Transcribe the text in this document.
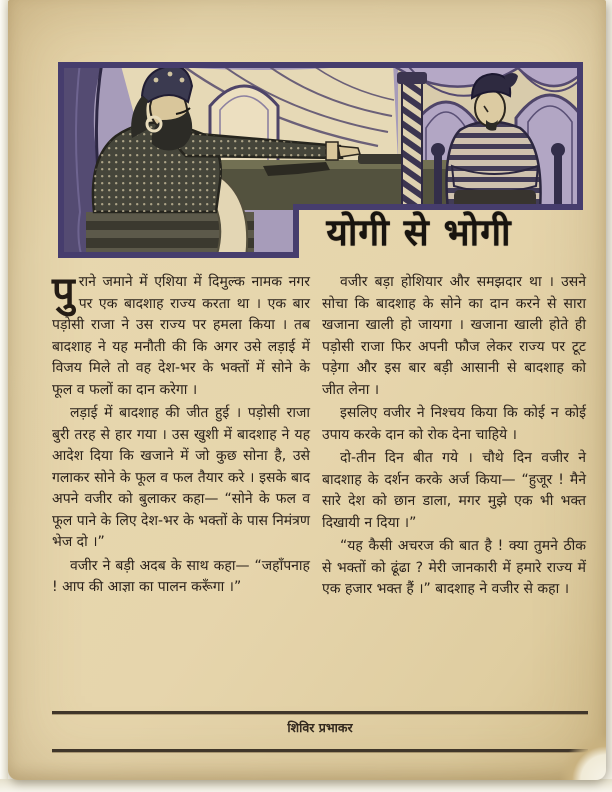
योगी से भोगी

पुराने जमाने में एशिया में दिमुल्क नामक नगर पर एक बादशाह राज्य करता था । एक बार पड़ोसी राजा ने उस राज्य पर हमला किया । तब बादशाह ने यह मनौती की कि अगर उसे लड़ाई में विजय मिले तो वह देश-भर के भक्तों में सोने के फूल व फलों का दान करेगा ।

लड़ाई में बादशाह की जीत हुई । पड़ोसी राजा बुरी तरह से हार गया । उस खुशी में बादशाह ने यह आदेश दिया कि खजाने में जो कुछ सोना है, उसे गलाकर सोने के फूल व फल तैयार करे । इसके बाद अपने वजीर को बुलाकर कहा— “सोने के फल व फूल पाने के लिए देश-भर के भक्तों के पास निमंत्रण भेज दो ।”

वजीर ने बड़ी अदब के साथ कहा— “जहाँपनाह ! आप की आज्ञा का पालन करूँगा ।”

वजीर बड़ा होशियार और समझदार था । उसने सोचा कि बादशाह के सोने का दान करने से सारा खजाना खाली हो जायगा । खजाना खाली होते ही पड़ोसी राजा फिर अपनी फौज लेकर राज्य पर टूट पड़ेगा और इस बार बड़ी आसानी से बादशाह को जीत लेना ।

इसलिए वजीर ने निश्चय किया कि कोई न कोई उपाय करके दान को रोक देना चाहिये ।

दो-तीन दिन बीत गये । चौथे दिन वजीर ने बादशाह के दर्शन करके अर्ज किया— “हुजूर ! मैने सारे देश को छान डाला, मगर मुझे एक भी भक्त दिखायी न दिया ।”

“यह कैसी अचरज की बात है ! क्या तुमने ठीक से भक्तों को ढूंढा ? मेरी जानकारी में हमारे राज्य में एक हजार भक्त हैं ।” बादशाह ने वजीर से कहा ।

शिविर प्रभाकर
